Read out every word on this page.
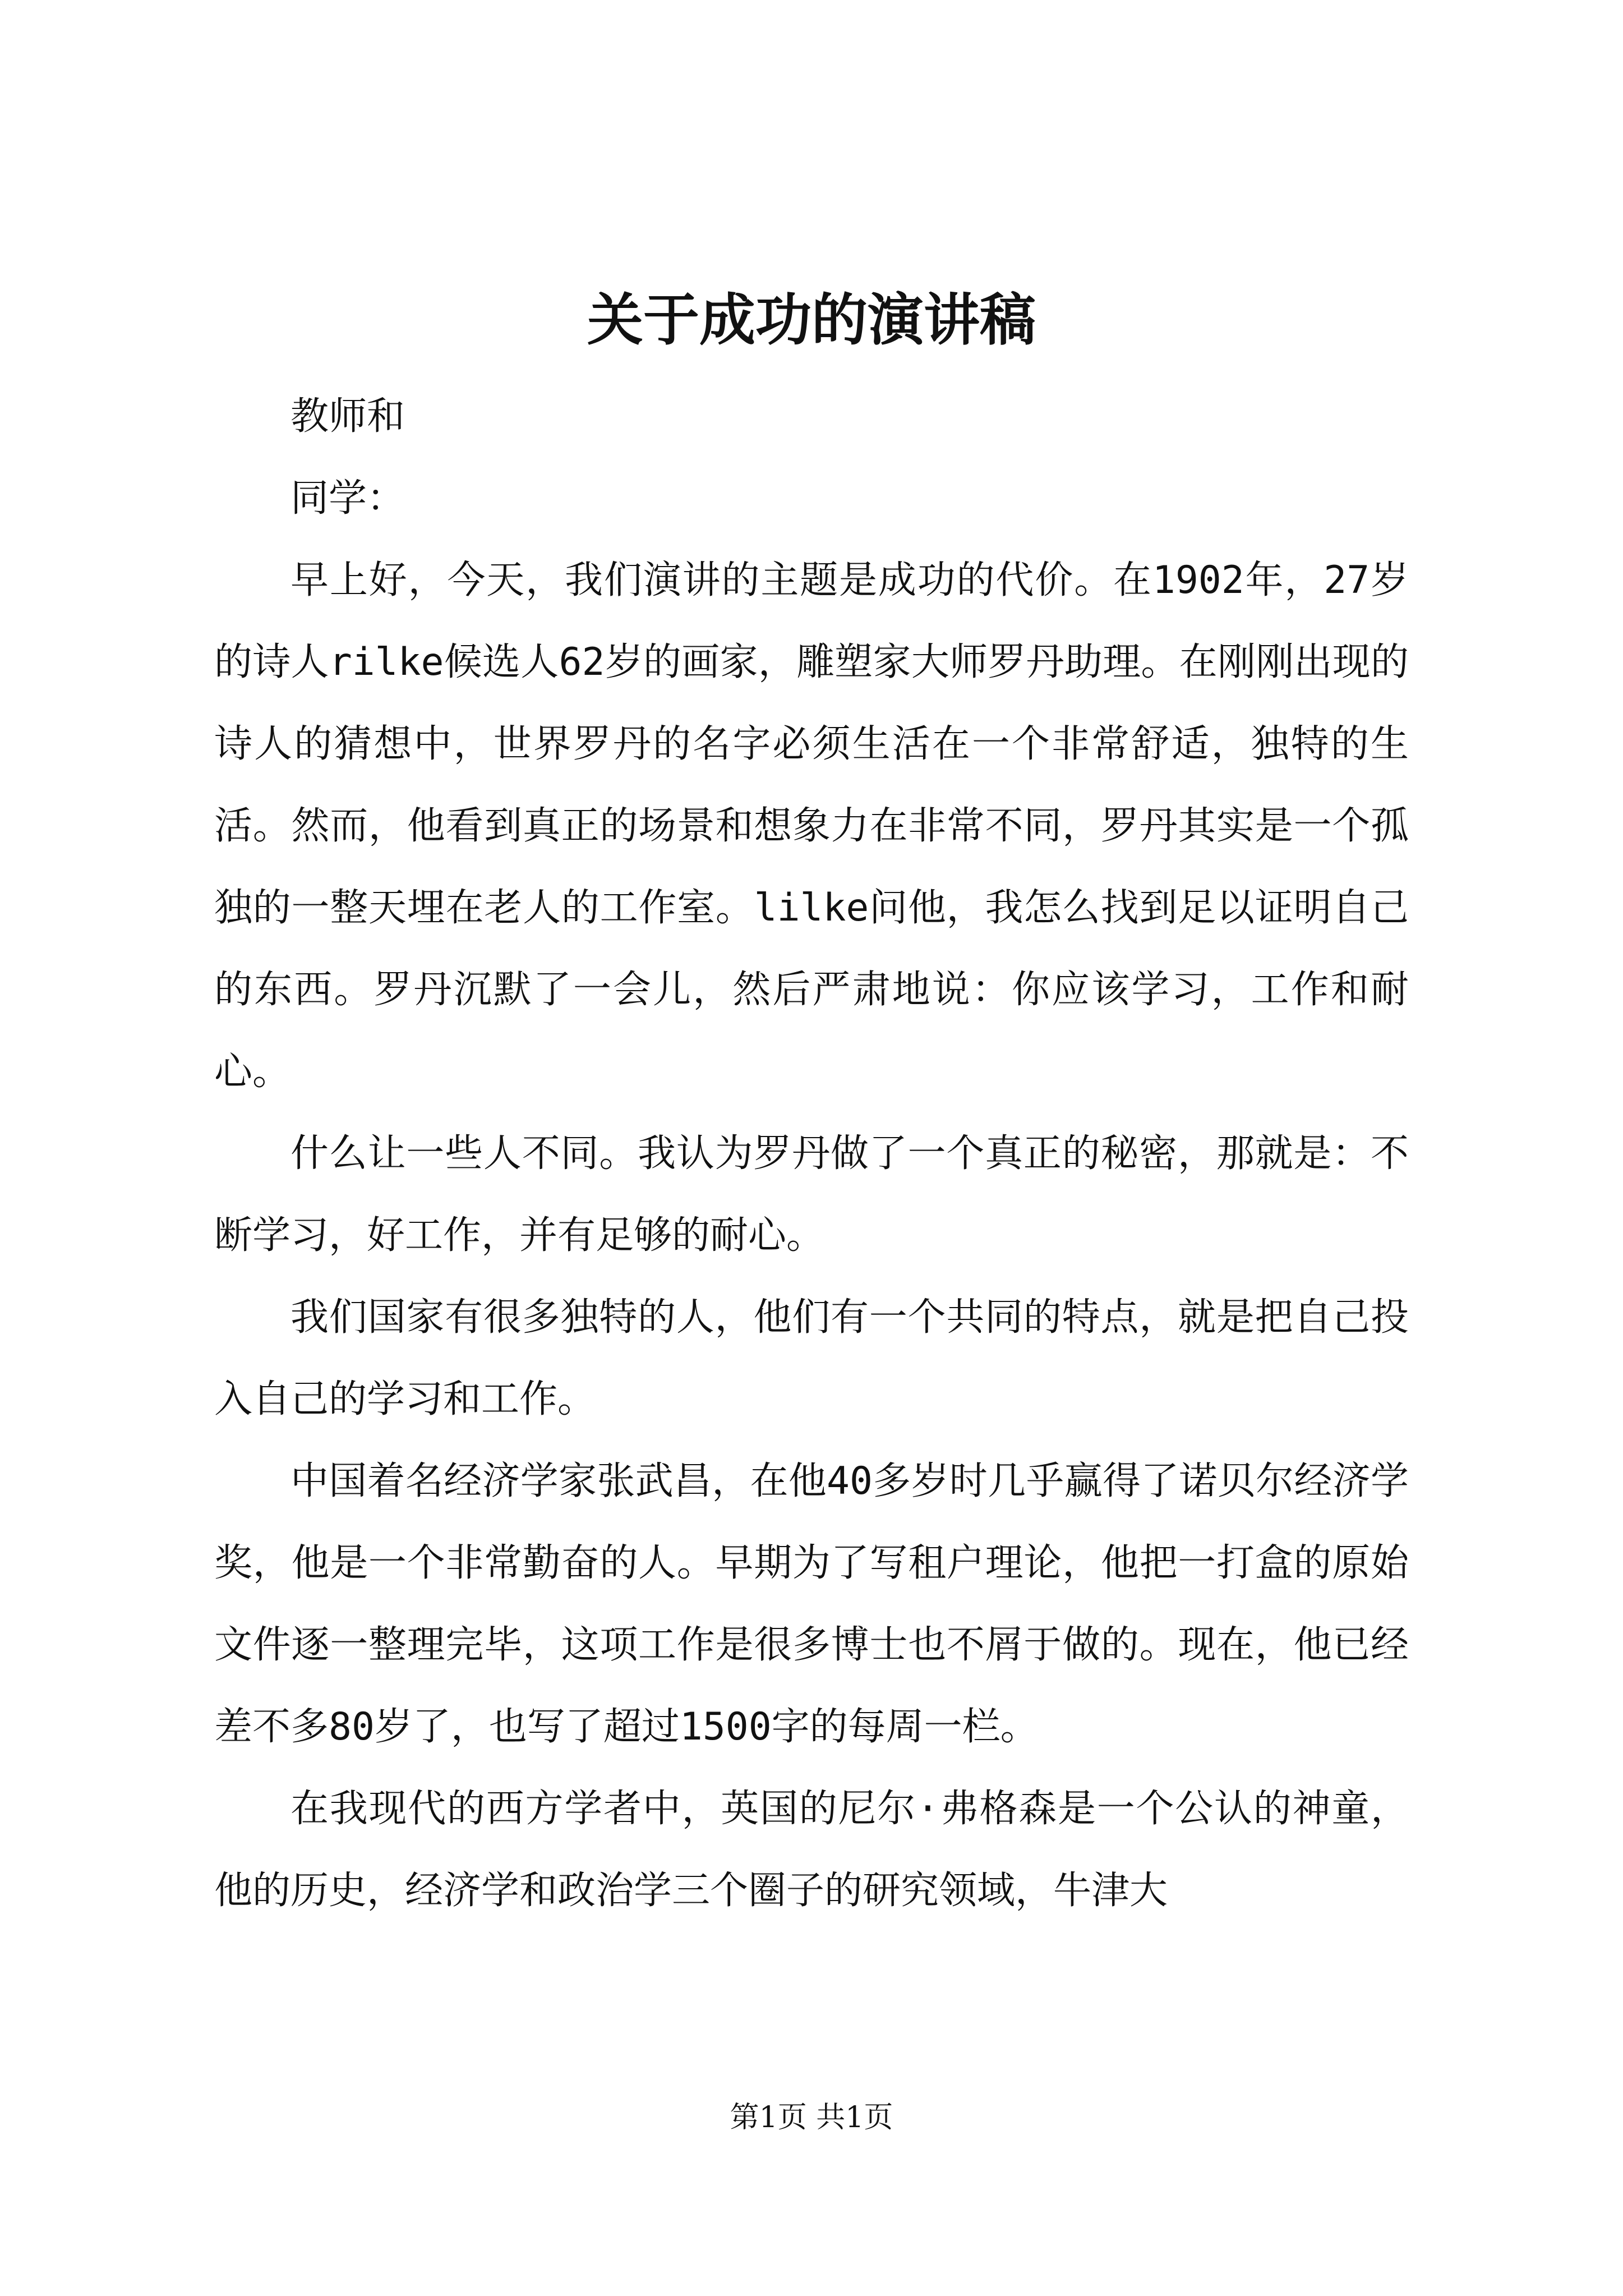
关于成功的演讲稿

教师和

同学：

早上好，今天，我们演讲的主题是成功的代价。在1902年，27岁的诗人rilke候选人62岁的画家，雕塑家大师罗丹助理。在刚刚出现的诗人的猜想中，世界罗丹的名字必须生活在一个非常舒适，独特的生活。然而，他看到真正的场景和想象力在非常不同，罗丹其实是一个孤独的一整天埋在老人的工作室。lilke问他，我怎么找到足以证明自己的东西。罗丹沉默了一会儿，然后严肃地说：你应该学习，工作和耐心。

什么让一些人不同。我认为罗丹做了一个真正的秘密，那就是：不断学习，好工作，并有足够的耐心。

我们国家有很多独特的人，他们有一个共同的特点，就是把自己投入自己的学习和工作。

中国着名经济学家张武昌，在他40多岁时几乎赢得了诺贝尔经济学奖，他是一个非常勤奋的人。早期为了写租户理论，他把一打盒的原始文件逐一整理完毕，这项工作是很多博士也不屑于做的。现在，他已经差不多80岁了，也写了超过1500字的每周一栏。

在我现代的西方学者中，英国的尼尔·弗格森是一个公认的神童，他的历史，经济学和政治学三个圈子的研究领域，牛津大

第1页 共1页
